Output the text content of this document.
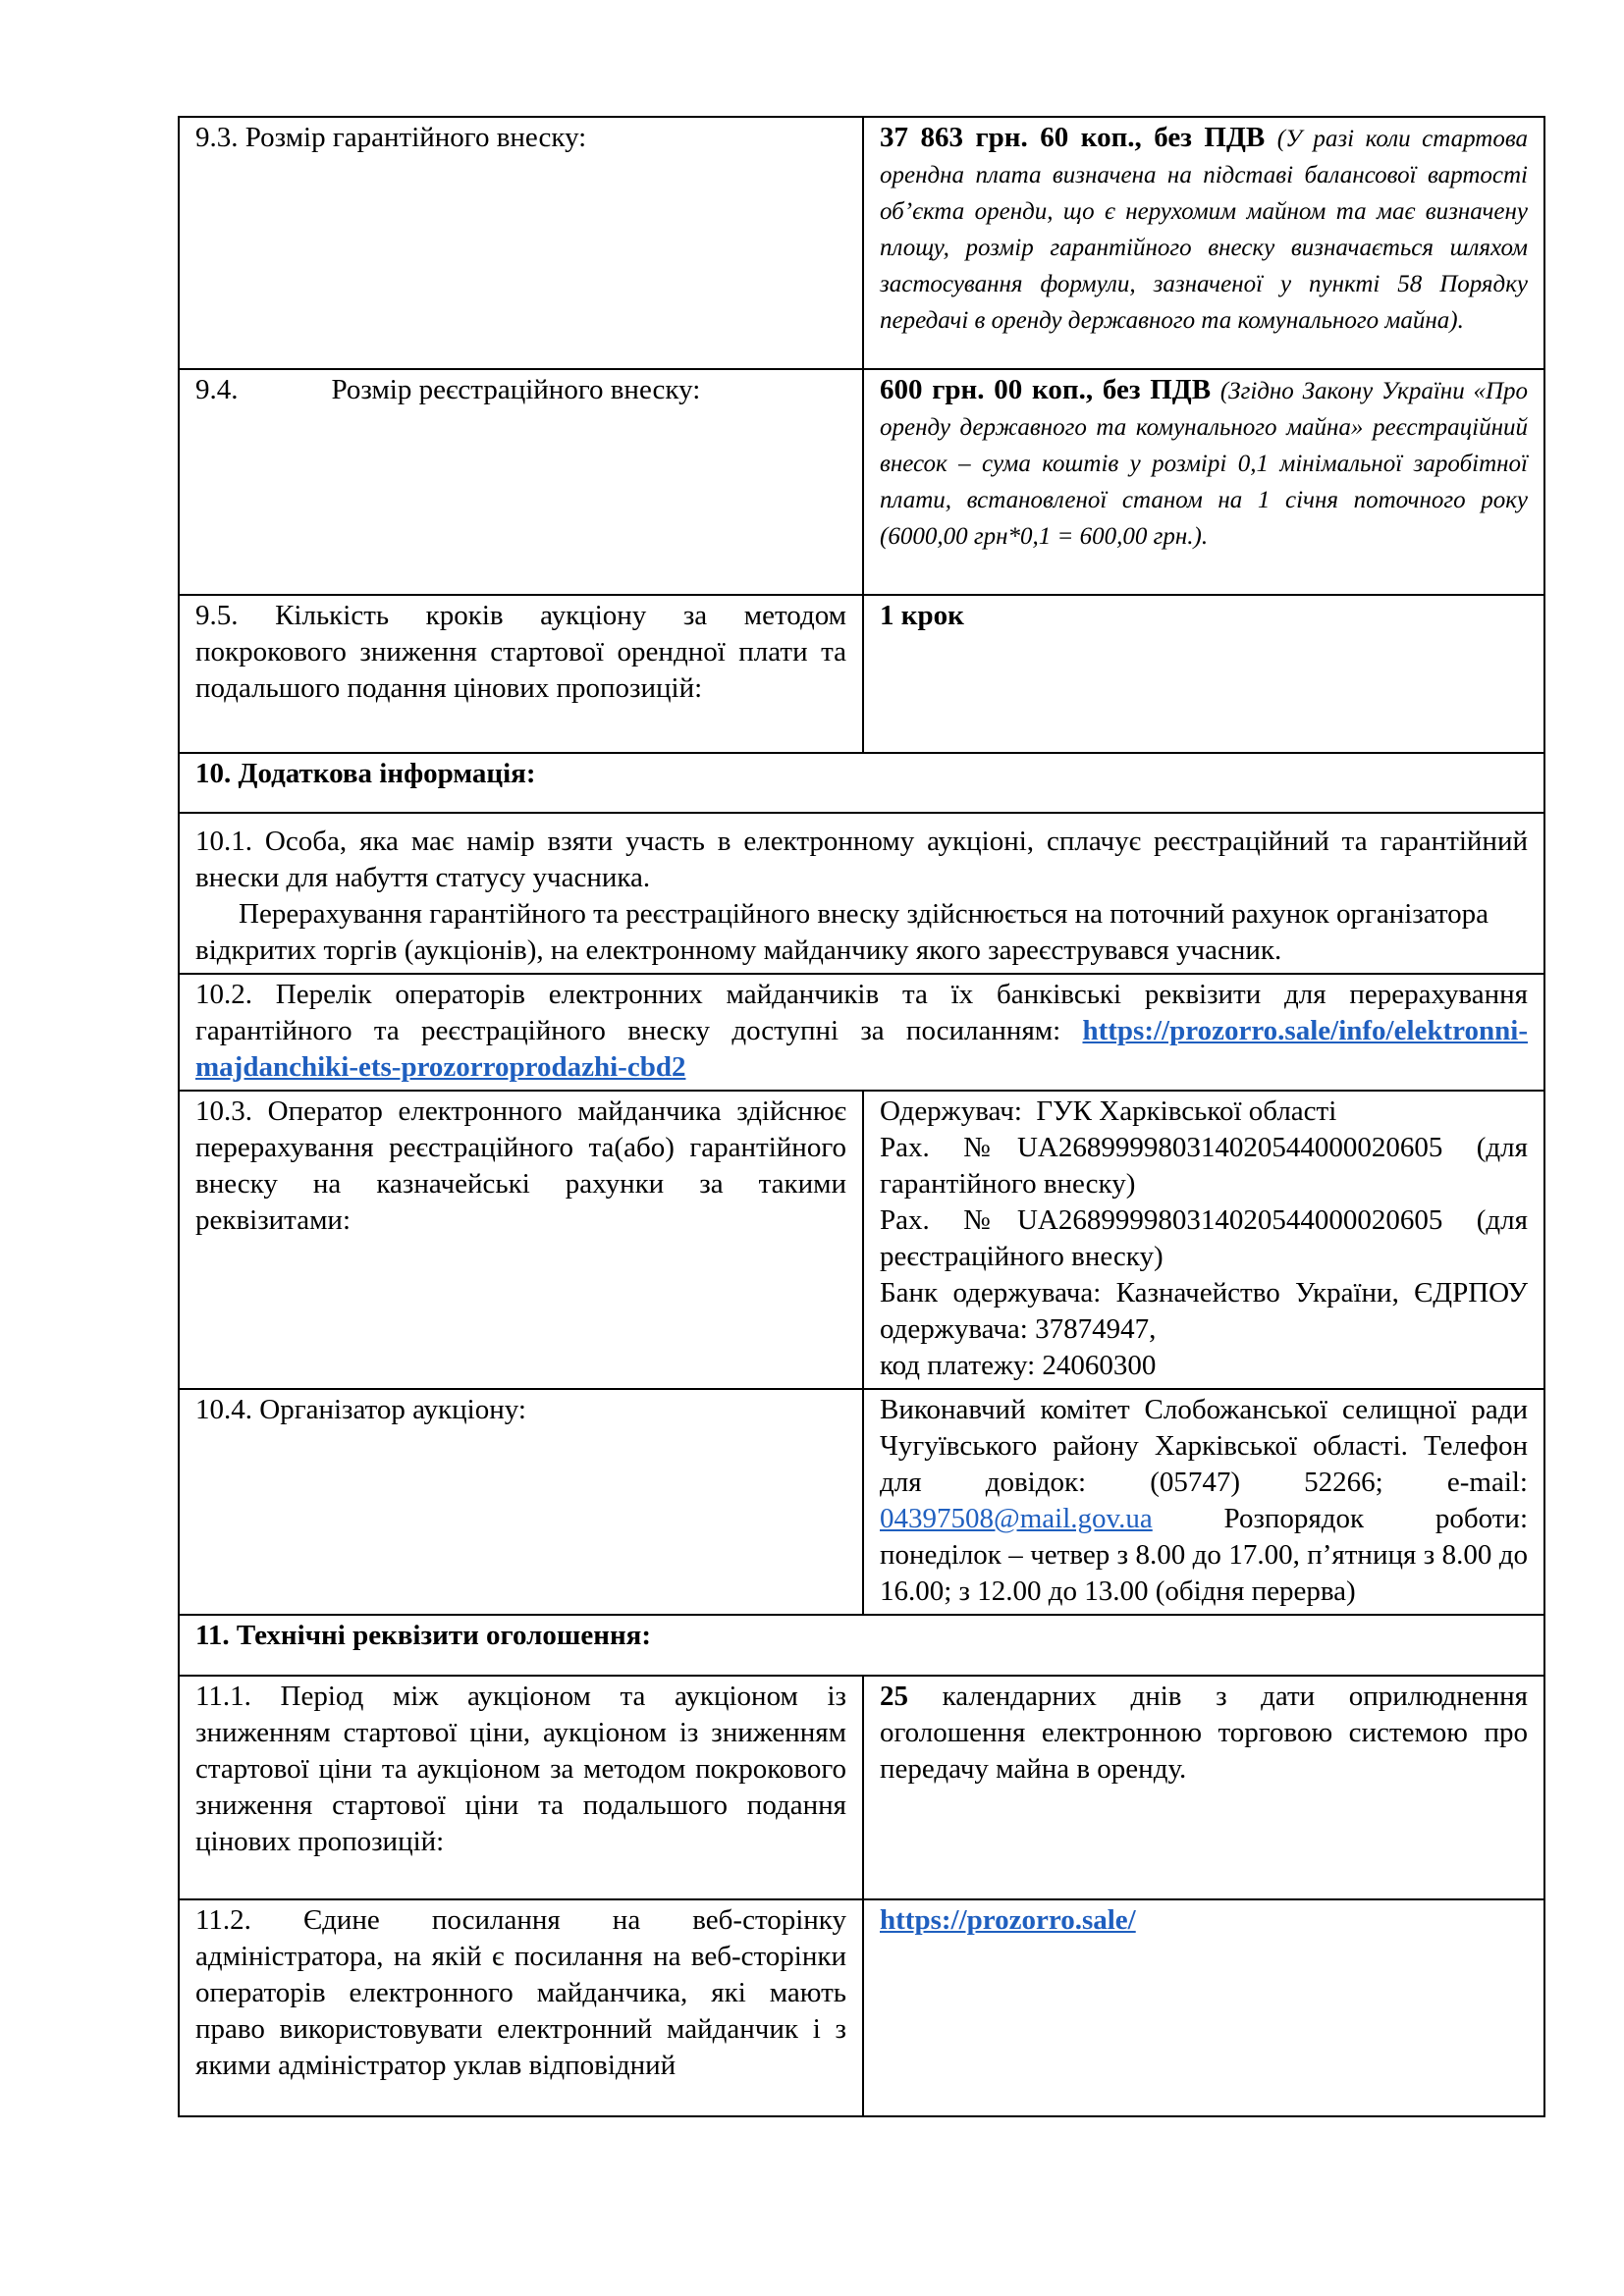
9.3. Розмір гарантійного внеску:	37 863 грн. 60 коп., без ПДВ (У разі коли стартова орендна плата визначена на підставі балансової вартості об’єкта оренди, що є нерухомим майном та має визначену площу, розмір гарантійного внеску визначається шляхом застосування формули, зазначеної у пункті 58 Порядку передачі в оренду державного та комунального майна).
9.4. Розмір реєстраційного внеску:	600 грн. 00 коп., без ПДВ (Згідно Закону України «Про оренду державного та комунального майна» реєстраційний внесок – сума коштів у розмірі 0,1 мінімальної заробітної плати, встановленої станом на 1 січня поточного року (6000,00 грн*0,1 = 600,00 грн.).
9.5. Кількість кроків аукціону за методом покрокового зниження стартової орендної плати та подальшого подання цінових пропозицій:	1 крок
10. Додаткова інформація:	

10.1. Особа, яка має намір взяти участь в електронному аукціоні, сплачує реєстраційний та гарантійний внески для набуття статусу учасника.
Перерахування гарантійного та реєстраційного внеску здійснюється на поточний рахунок організатора відкритих торгів (аукціонів), на електронному майданчику якого зареєструвався учасник.	

10.2. Перелік операторів електронних майданчиків та їх банківські реквізити для перерахування гарантійного та реєстраційного внеску доступні за посиланням: https://prozorro.sale/info/elektronni-majdanchiki-ets-prozorroprodazhi-cbd2	
10.3. Оператор електронного майданчика здійснює перерахування реєстраційного та(або) гарантійного внеску на казначейські рахунки за такими реквізитами:	Одержувач:  ГУК Харківської області
Рах. №UA268999980314020544000020605 (для гарантійного внеску)
Рах. №UA268999980314020544000020605 (для реєстраційного внеску)
Банк одержувача: Казначейство України, ЄДРПОУ одержувача: 37874947,
код платежу: 24060300

10.4. Організатор аукціону:	Виконавчий комітет Слобожанської селищної ради Чугуївського району Харківської області. Телефон для довідок: (05747) 52266; e-mail: 04397508@mail.gov.ua Розпорядок роботи: понеділок – четвер з 8.00 до 17.00, п’ятниця з 8.00 до 16.00; з 12.00 до 13.00 (обідня перерва)
11. Технічні реквізити оголошення:	
11.1. Період між аукціоном та аукціоном із зниженням стартової ціни, аукціоном із зниженням стартової ціни та аукціоном за методом покрокового зниження стартової ціни та подальшого подання цінових пропозицій:	25 календарних днів з дати оприлюднення оголошення електронною торговою системою про передачу майна в оренду.
11.2. Єдине посилання на веб-сторінку адміністратора, на якій є посилання на веб-сторінки операторів електронного майданчика, які мають право використовувати електронний майданчик і з якими адміністратор уклав відповідний	https://prozorro.sale/
